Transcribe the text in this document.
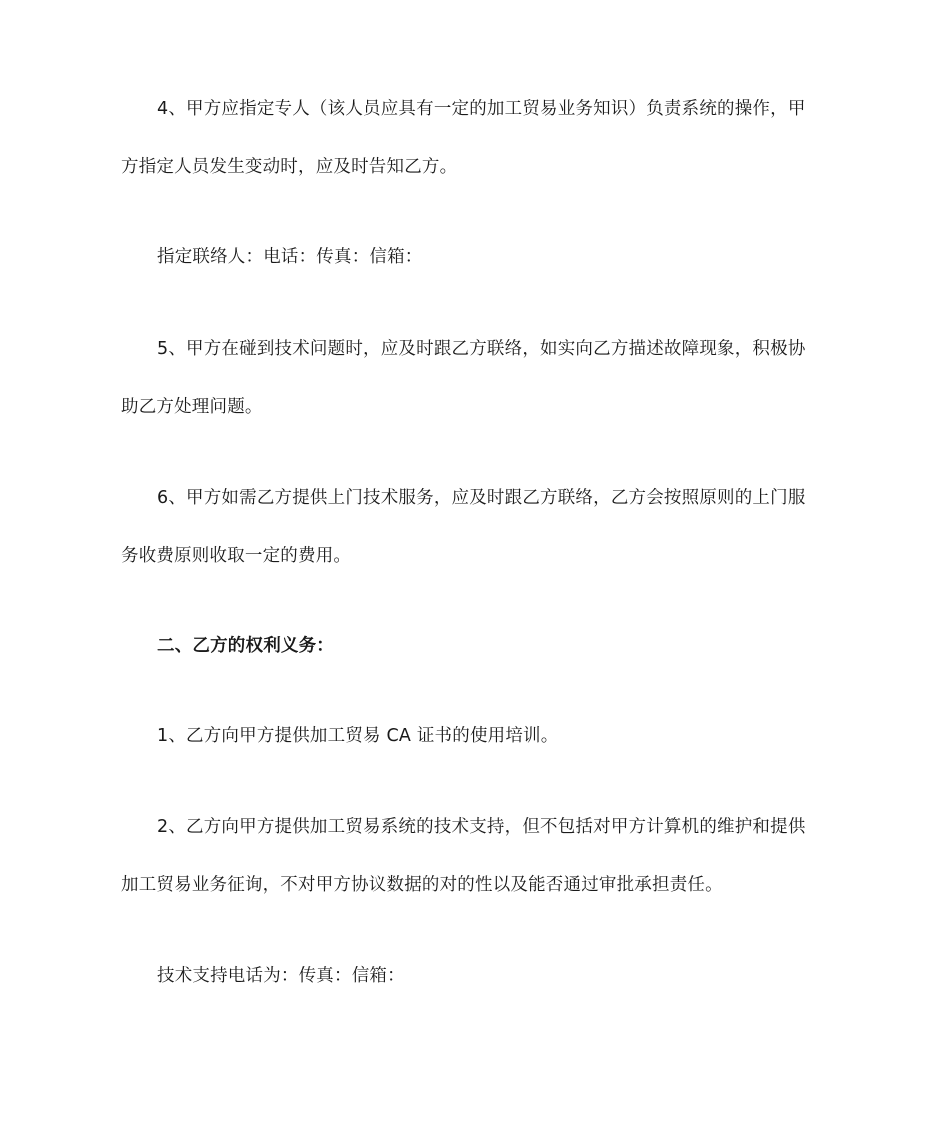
4、甲方应指定专人（该人员应具有一定的加工贸易业务知识）负责系统的操作，甲
方指定人员发生变动时，应及时告知乙方。
指定联络人：电话：传真：信箱：
5、甲方在碰到技术问题时，应及时跟乙方联络，如实向乙方描述故障现象，积极协
助乙方处理问题。
6、甲方如需乙方提供上门技术服务，应及时跟乙方联络，乙方会按照原则的上门服
务收费原则收取一定的费用。
二、乙方的权利义务：
1、乙方向甲方提供加工贸易 CA 证书的使用培训。
2、乙方向甲方提供加工贸易系统的技术支持，但不包括对甲方计算机的维护和提供
加工贸易业务征询，不对甲方协议数据的对的性以及能否通过审批承担责任。
技术支持电话为：传真：信箱：
